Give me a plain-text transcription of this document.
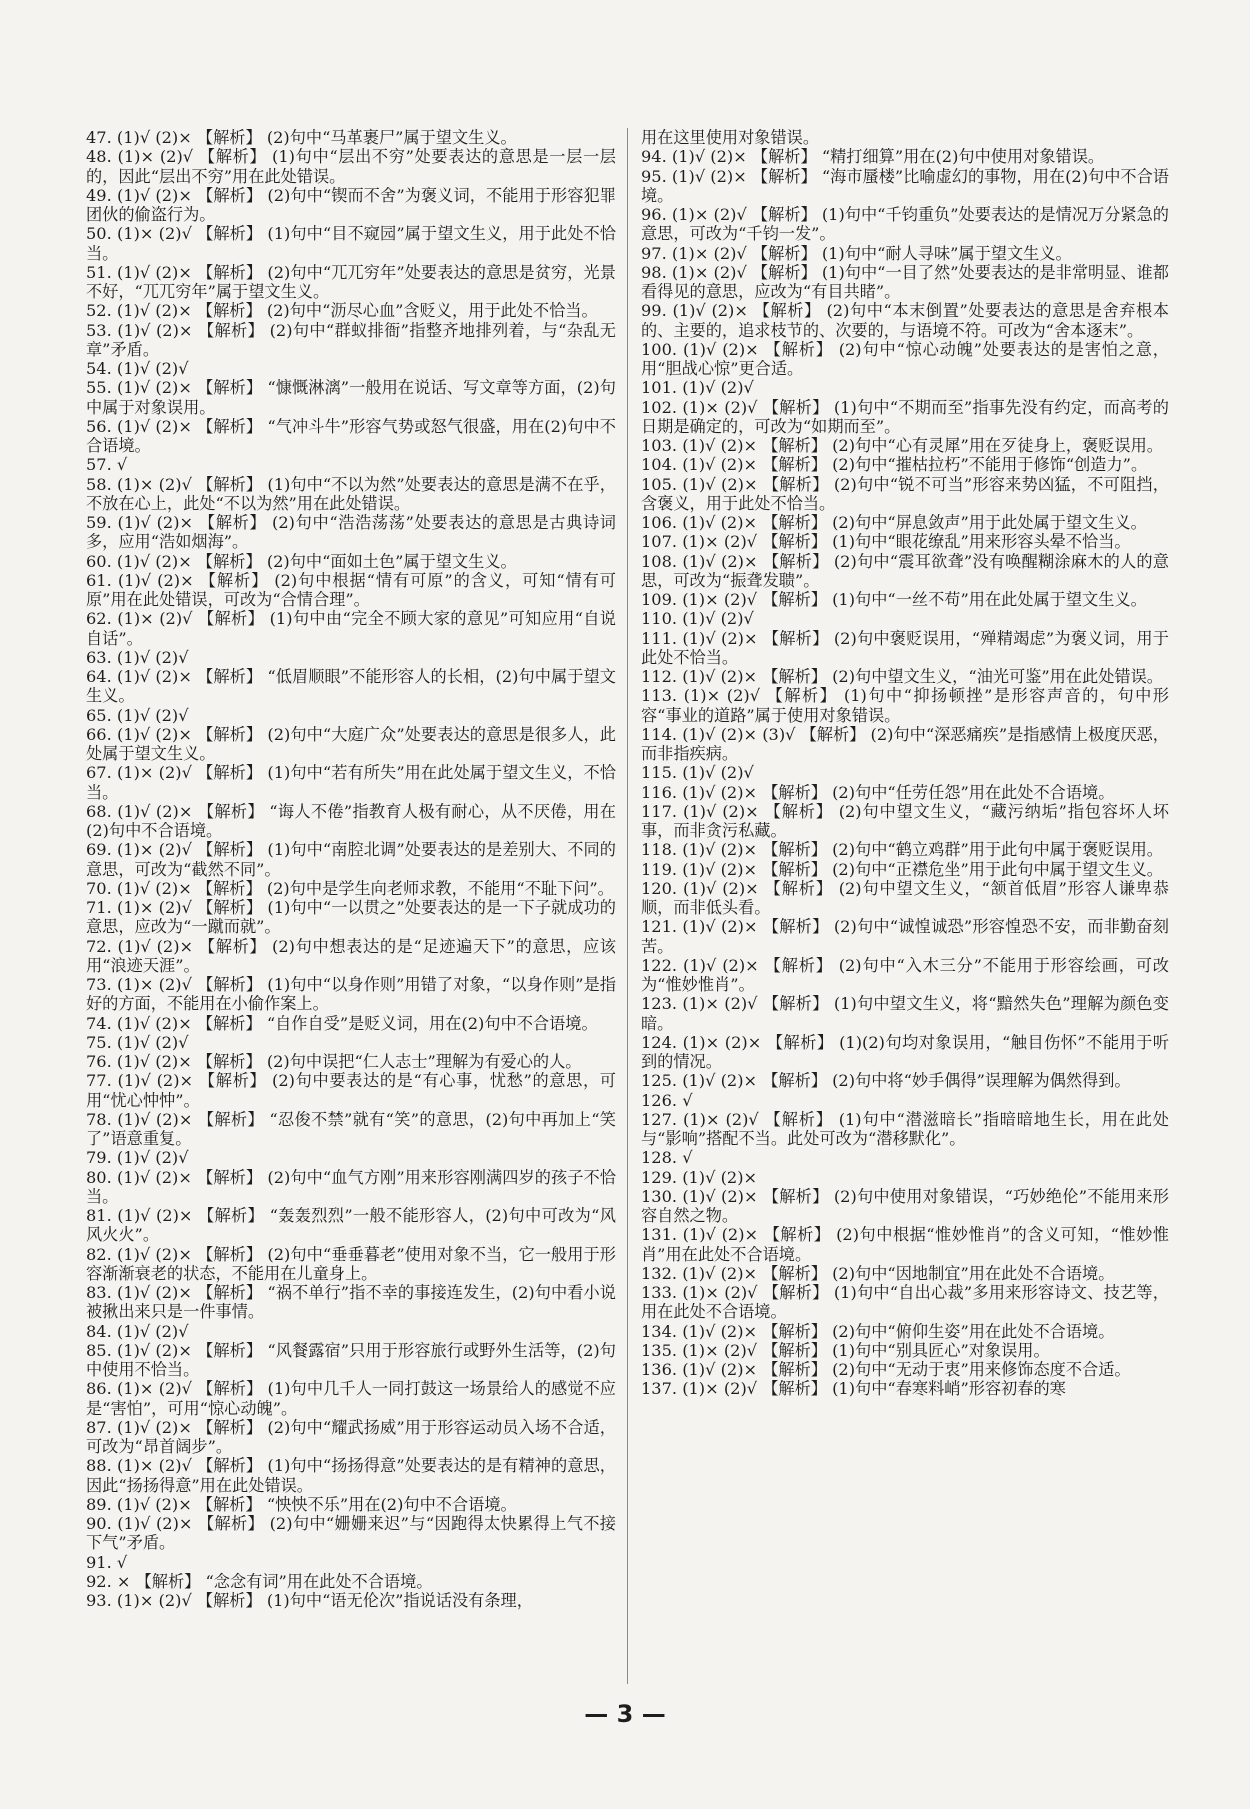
47. (1)√ (2)× 【解析】 (2)句中“马革裹尸”属于望文生义。

48. (1)× (2)√ 【解析】 (1)句中“层出不穷”处要表达的意思是一层一层的，因此“层出不穷”用在此处错误。

49. (1)√ (2)× 【解析】 (2)句中“锲而不舍”为褒义词，不能用于形容犯罪团伙的偷盗行为。

50. (1)× (2)√ 【解析】 (1)句中“目不窥园”属于望文生义，用于此处不恰当。

51. (1)√ (2)× 【解析】 (2)句中“兀兀穷年”处要表达的意思是贫穷，光景不好，“兀兀穷年”属于望文生义。

52. (1)√ (2)× 【解析】 (2)句中“沥尽心血”含贬义，用于此处不恰当。

53. (1)√ (2)× 【解析】 (2)句中“群蚁排衙”指整齐地排列着，与“杂乱无章”矛盾。

54. (1)√ (2)√

55. (1)√ (2)× 【解析】 “慷慨淋漓”一般用在说话、写文章等方面，(2)句中属于对象误用。

56. (1)√ (2)× 【解析】 “气冲斗牛”形容气势或怒气很盛，用在(2)句中不合语境。

57. √

58. (1)× (2)√ 【解析】 (1)句中“不以为然”处要表达的意思是满不在乎，不放在心上，此处“不以为然”用在此处错误。

59. (1)√ (2)× 【解析】 (2)句中“浩浩荡荡”处要表达的意思是古典诗词多，应用“浩如烟海”。

60. (1)√ (2)× 【解析】 (2)句中“面如土色”属于望文生义。

61. (1)√ (2)× 【解析】 (2)句中根据“情有可原”的含义，可知“情有可原”用在此处错误，可改为“合情合理”。

62. (1)× (2)√ 【解析】 (1)句中由“完全不顾大家的意见”可知应用“自说自话”。

63. (1)√ (2)√

64. (1)√ (2)× 【解析】 “低眉顺眼”不能形容人的长相，(2)句中属于望文生义。

65. (1)√ (2)√

66. (1)√ (2)× 【解析】 (2)句中“大庭广众”处要表达的意思是很多人，此处属于望文生义。

67. (1)× (2)√ 【解析】 (1)句中“若有所失”用在此处属于望文生义，不恰当。

68. (1)√ (2)× 【解析】 “诲人不倦”指教育人极有耐心，从不厌倦，用在(2)句中不合语境。

69. (1)× (2)√ 【解析】 (1)句中“南腔北调”处要表达的是差别大、不同的意思，可改为“截然不同”。

70. (1)√ (2)× 【解析】 (2)句中是学生向老师求教，不能用“不耻下问”。

71. (1)× (2)√ 【解析】 (1)句中“一以贯之”处要表达的是一下子就成功的意思，应改为“一蹴而就”。

72. (1)√ (2)× 【解析】 (2)句中想表达的是“足迹遍天下”的意思，应该用“浪迹天涯”。

73. (1)× (2)√ 【解析】 (1)句中“以身作则”用错了对象，“以身作则”是指好的方面，不能用在小偷作案上。

74. (1)√ (2)× 【解析】 “自作自受”是贬义词，用在(2)句中不合语境。

75. (1)√ (2)√

76. (1)√ (2)× 【解析】 (2)句中误把“仁人志士”理解为有爱心的人。

77. (1)√ (2)× 【解析】 (2)句中要表达的是“有心事，忧愁”的意思，可用“忧心忡忡”。

78. (1)√ (2)× 【解析】 “忍俊不禁”就有“笑”的意思，(2)句中再加上“笑了”语意重复。

79. (1)√ (2)√

80. (1)√ (2)× 【解析】 (2)句中“血气方刚”用来形容刚满四岁的孩子不恰当。

81. (1)√ (2)× 【解析】 “轰轰烈烈”一般不能形容人，(2)句中可改为“风风火火”。

82. (1)√ (2)× 【解析】 (2)句中“垂垂暮老”使用对象不当，它一般用于形容渐渐衰老的状态，不能用在儿童身上。

83. (1)√ (2)× 【解析】 “祸不单行”指不幸的事接连发生，(2)句中看小说被揪出来只是一件事情。

84. (1)√ (2)√

85. (1)√ (2)× 【解析】 “风餐露宿”只用于形容旅行或野外生活等，(2)句中使用不恰当。

86. (1)× (2)√ 【解析】 (1)句中几千人一同打鼓这一场景给人的感觉不应是“害怕”，可用“惊心动魄”。

87. (1)√ (2)× 【解析】 (2)句中“耀武扬威”用于形容运动员入场不合适，可改为“昂首阔步”。

88. (1)× (2)√ 【解析】 (1)句中“扬扬得意”处要表达的是有精神的意思，因此“扬扬得意”用在此处错误。

89. (1)√ (2)× 【解析】 “怏怏不乐”用在(2)句中不合语境。

90. (1)√ (2)× 【解析】 (2)句中“姗姗来迟”与“因跑得太快累得上气不接下气”矛盾。

91. √

92. × 【解析】 “念念有词”用在此处不合语境。

93. (1)× (2)√ 【解析】 (1)句中“语无伦次”指说话没有条理，

用在这里使用对象错误。

94. (1)√ (2)× 【解析】 “精打细算”用在(2)句中使用对象错误。

95. (1)√ (2)× 【解析】 “海市蜃楼”比喻虚幻的事物，用在(2)句中不合语境。

96. (1)× (2)√ 【解析】 (1)句中“千钧重负”处要表达的是情况万分紧急的意思，可改为“千钧一发”。

97. (1)× (2)√ 【解析】 (1)句中“耐人寻味”属于望文生义。

98. (1)× (2)√ 【解析】 (1)句中“一目了然”处要表达的是非常明显、谁都看得见的意思，应改为“有目共睹”。

99. (1)√ (2)× 【解析】 (2)句中“本末倒置”处要表达的意思是舍弃根本的、主要的，追求枝节的、次要的，与语境不符。可改为“舍本逐末”。

100. (1)√ (2)× 【解析】 (2)句中“惊心动魄”处要表达的是害怕之意，用“胆战心惊”更合适。

101. (1)√ (2)√

102. (1)× (2)√ 【解析】 (1)句中“不期而至”指事先没有约定，而高考的日期是确定的，可改为“如期而至”。

103. (1)√ (2)× 【解析】 (2)句中“心有灵犀”用在歹徒身上，褒贬误用。

104. (1)√ (2)× 【解析】 (2)句中“摧枯拉朽”不能用于修饰“创造力”。

105. (1)√ (2)× 【解析】 (2)句中“锐不可当”形容来势凶猛，不可阻挡，含褒义，用于此处不恰当。

106. (1)√ (2)× 【解析】 (2)句中“屏息敛声”用于此处属于望文生义。

107. (1)× (2)√ 【解析】 (1)句中“眼花缭乱”用来形容头晕不恰当。

108. (1)√ (2)× 【解析】 (2)句中“震耳欲聋”没有唤醒糊涂麻木的人的意思，可改为“振聋发聩”。

109. (1)× (2)√ 【解析】 (1)句中“一丝不苟”用在此处属于望文生义。

110. (1)√ (2)√

111. (1)√ (2)× 【解析】 (2)句中褒贬误用，“殚精竭虑”为褒义词，用于此处不恰当。

112. (1)√ (2)× 【解析】 (2)句中望文生义，“油光可鉴”用在此处错误。

113. (1)× (2)√ 【解析】 (1)句中“抑扬顿挫”是形容声音的，句中形容“事业的道路”属于使用对象错误。

114. (1)√ (2)× (3)√ 【解析】 (2)句中“深恶痛疾”是指感情上极度厌恶，而非指疾病。

115. (1)√ (2)√

116. (1)√ (2)× 【解析】 (2)句中“任劳任怨”用在此处不合语境。

117. (1)√ (2)× 【解析】 (2)句中望文生义，“藏污纳垢”指包容坏人坏事，而非贪污私藏。

118. (1)√ (2)× 【解析】 (2)句中“鹤立鸡群”用于此句中属于褒贬误用。

119. (1)√ (2)× 【解析】 (2)句中“正襟危坐”用于此句中属于望文生义。

120. (1)√ (2)× 【解析】 (2)句中望文生义，“颔首低眉”形容人谦卑恭顺，而非低头看。

121. (1)√ (2)× 【解析】 (2)句中“诚惶诚恐”形容惶恐不安，而非勤奋刻苦。

122. (1)√ (2)× 【解析】 (2)句中“入木三分”不能用于形容绘画，可改为“惟妙惟肖”。

123. (1)× (2)√ 【解析】 (1)句中望文生义，将“黯然失色”理解为颜色变暗。

124. (1)× (2)× 【解析】 (1)(2)句均对象误用，“触目伤怀”不能用于听到的情况。

125. (1)√ (2)× 【解析】 (2)句中将“妙手偶得”误理解为偶然得到。

126. √

127. (1)× (2)√ 【解析】 (1)句中“潜滋暗长”指暗暗地生长，用在此处与“影响”搭配不当。此处可改为“潜移默化”。

128. √

129. (1)√ (2)×

130. (1)√ (2)× 【解析】 (2)句中使用对象错误，“巧妙绝伦”不能用来形容自然之物。

131. (1)√ (2)× 【解析】 (2)句中根据“惟妙惟肖”的含义可知，“惟妙惟肖”用在此处不合语境。

132. (1)√ (2)× 【解析】 (2)句中“因地制宜”用在此处不合语境。

133. (1)× (2)√ 【解析】 (1)句中“自出心裁”多用来形容诗文、技艺等，用在此处不合语境。

134. (1)√ (2)× 【解析】 (2)句中“俯仰生姿”用在此处不合语境。

135. (1)× (2)√ 【解析】 (1)句中“别具匠心”对象误用。

136. (1)√ (2)× 【解析】 (2)句中“无动于衷”用来修饰态度不合适。

137. (1)× (2)√ 【解析】 (1)句中“春寒料峭”形容初春的寒

— 3 —
